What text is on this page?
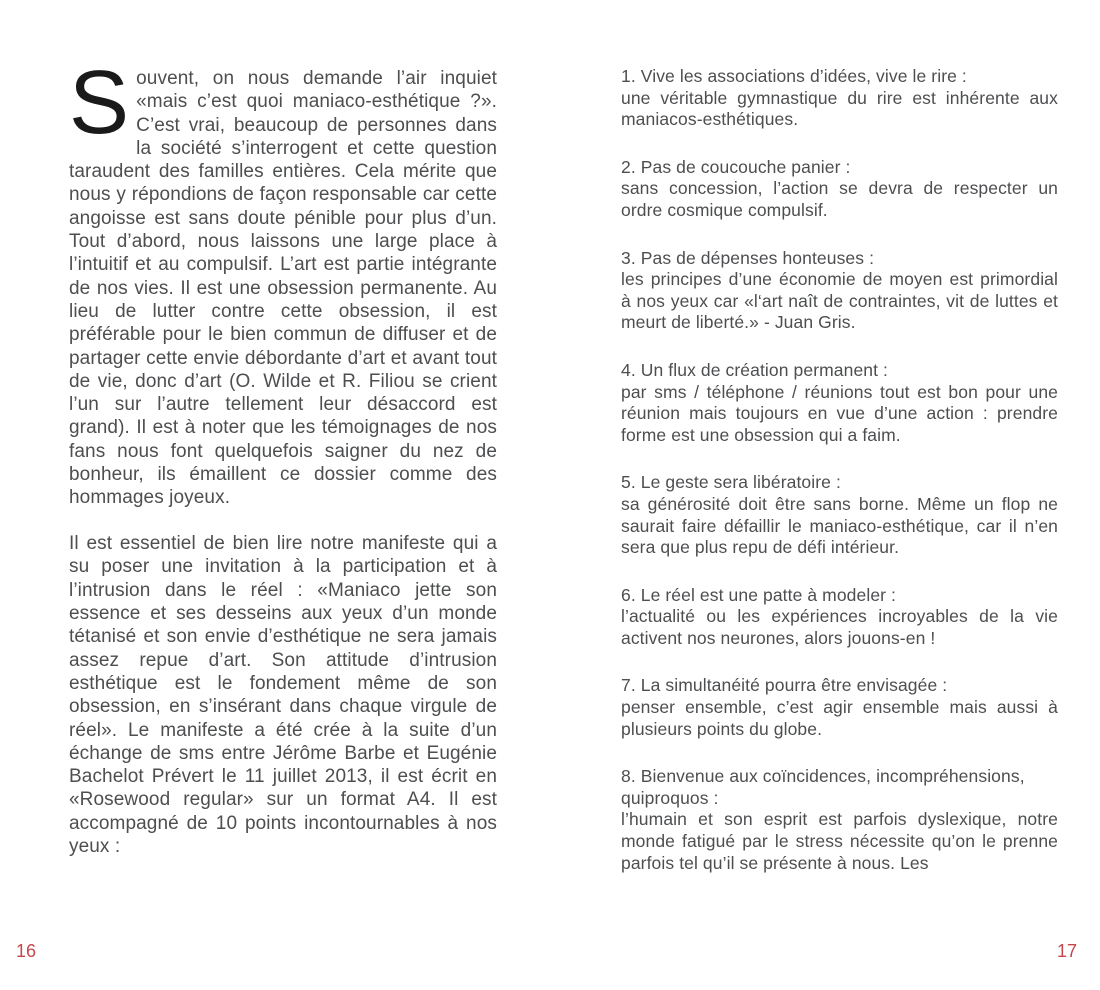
Souvent, on nous demande l’air inquiet «mais c’est quoi maniaco-esthétique ?». C’est vrai, beaucoup de personnes dans la société s’interrogent et cette question taraudent des familles entières. Cela mérite que nous y répondions de façon responsable car cette angoisse est sans doute pénible pour plus d’un. Tout d’abord, nous laissons une large place à l’intuitif et au compulsif. L’art est partie intégrante de nos vies. Il est une obsession permanente. Au lieu de lutter contre cette obsession, il est préférable pour le bien commun de diffuser et de partager cette envie débordante d’art et avant tout de vie, donc d’art (O. Wilde et R. Filiou se crient l’un sur l’autre tellement leur désaccord est grand). Il est à noter que les témoignages de nos fans nous font quelquefois saigner du nez de bonheur, ils émaillent ce dossier comme des hommages joyeux.

Il est essentiel de bien lire notre manifeste qui a su poser une invitation à la participation et à l’intrusion dans le réel : «Maniaco jette son essence et ses desseins aux yeux d’un monde tétanisé et son envie d’esthétique ne sera jamais assez repue d’art. Son attitude d’intrusion esthétique est le fondement même de son obsession, en s’insérant dans chaque virgule de réel». Le manifeste a été crée à la suite d’un échange de sms entre Jérôme Barbe et Eugénie Bachelot Prévert le 11 juillet 2013, il est écrit en «Rosewood regular» sur un format A4. Il est accompagné de 10 points incontournables à nos yeux :

1. Vive les associations d’idées, vive le rire :
une véritable gymnastique du rire est inhérente aux maniacos-esthétiques.
2. Pas de coucouche panier :
sans concession, l’action se devra de respecter un ordre cosmique compulsif.
3. Pas de dépenses honteuses :
les principes d’une économie de moyen est primordial à nos yeux car «l‘art naît de contraintes, vit de luttes et meurt de liberté.» - Juan Gris.
4. Un flux de création permanent :
par sms / téléphone / réunions tout est bon pour une réunion mais toujours en vue d’une action : prendre forme est une obsession qui a faim.
5. Le geste sera libératoire :
sa générosité doit être sans borne. Même un flop ne saurait faire défaillir le maniaco-esthétique, car il n’en sera que plus repu de défi intérieur.
6. Le réel est une patte à modeler :
l’actualité ou les expériences incroyables de la vie activent nos neurones, alors jouons-en !
7. La simultanéité pourra être envisagée :
penser ensemble, c’est agir ensemble mais aussi à plusieurs points du globe.
8. Bienvenue aux coïncidences, incompréhensions, quiproquos :
l’humain et son esprit est parfois dyslexique, notre monde fatigué par le stress nécessite qu’on le prenne parfois tel qu’il se présente à nous. Les
16	17
